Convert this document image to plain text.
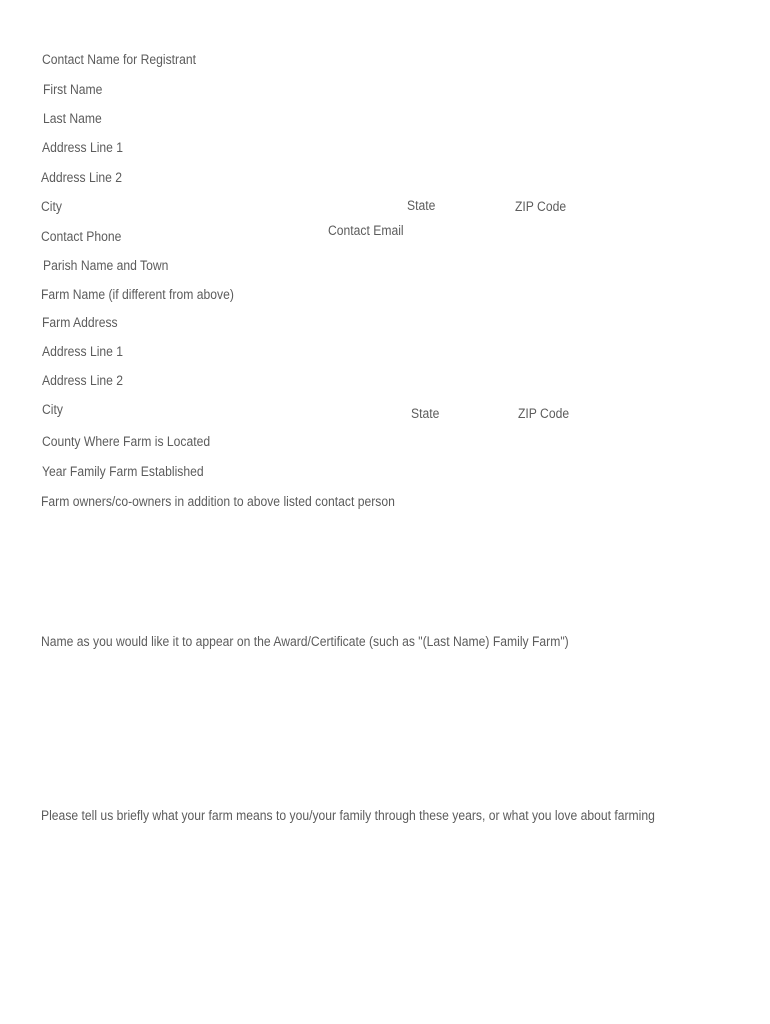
Contact Name for Registrant
First Name
Last Name
Address Line 1
Address Line 2
City	State	ZIP Code
Contact Phone	Contact Email
Parish Name and Town
Farm Name (if different from above)
Farm Address
Address Line 1
Address Line 2
City	State	ZIP Code
County Where Farm is Located
Year Family Farm Established
Farm owners/co-owners in addition to above listed contact person
Name as you would like it to appear on the Award/Certificate (such as "(Last Name) Family Farm")
Please tell us briefly what your farm means to you/your family through these years, or what you love about farming
